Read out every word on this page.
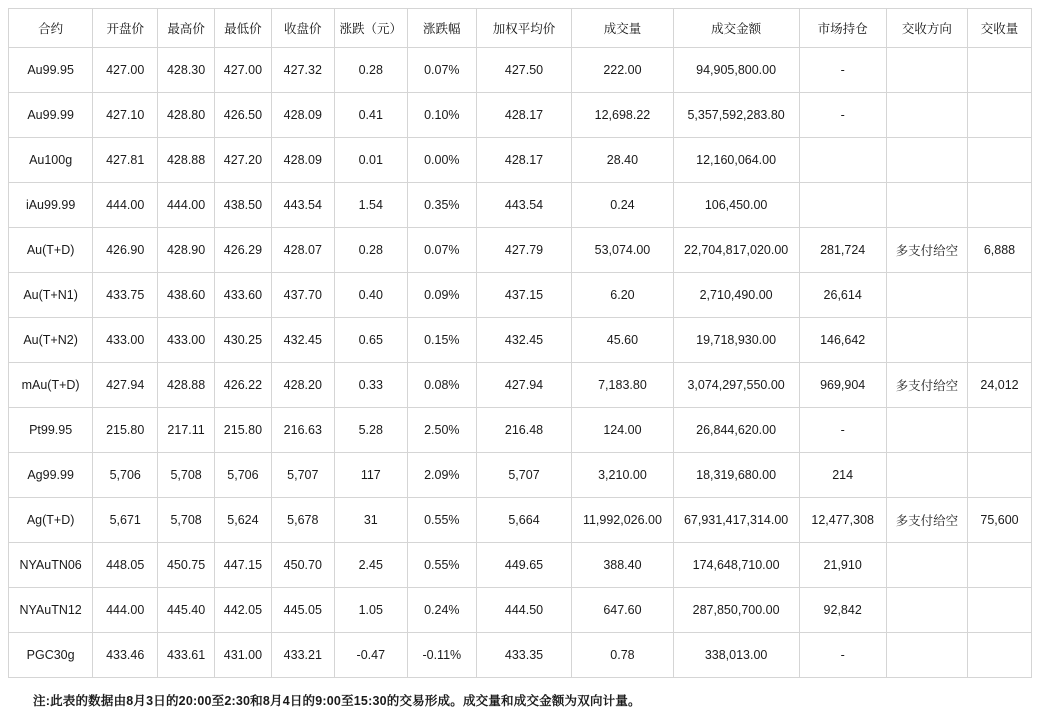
合约	开盘价	最高价	最低价	收盘价	涨跌（元）	涨跌幅	加权平均价	成交量	成交金额	市场持仓	交收方向	交收量
Au99.95	427.00	428.30	427.00	427.32	0.28	0.07%	427.50	222.00	94,905,800.00	-		
Au99.99	427.10	428.80	426.50	428.09	0.41	0.10%	428.17	12,698.22	5,357,592,283.80	-		
Au100g	427.81	428.88	427.20	428.09	0.01	0.00%	428.17	28.40	12,160,064.00			
iAu99.99	444.00	444.00	438.50	443.54	1.54	0.35%	443.54	0.24	106,450.00			
Au(T+D)	426.90	428.90	426.29	428.07	0.28	0.07%	427.79	53,074.00	22,704,817,020.00	281,724	多支付给空	6,888
Au(T+N1)	433.75	438.60	433.60	437.70	0.40	0.09%	437.15	6.20	2,710,490.00	26,614		
Au(T+N2)	433.00	433.00	430.25	432.45	0.65	0.15%	432.45	45.60	19,718,930.00	146,642		
mAu(T+D)	427.94	428.88	426.22	428.20	0.33	0.08%	427.94	7,183.80	3,074,297,550.00	969,904	多支付给空	24,012
Pt99.95	215.80	217.11	215.80	216.63	5.28	2.50%	216.48	124.00	26,844,620.00	-		
Ag99.99	5,706	5,708	5,706	5,707	117	2.09%	5,707	3,210.00	18,319,680.00	214		
Ag(T+D)	5,671	5,708	5,624	5,678	31	0.55%	5,664	11,992,026.00	67,931,417,314.00	12,477,308	多支付给空	75,600
NYAuTN06	448.05	450.75	447.15	450.70	2.45	0.55%	449.65	388.40	174,648,710.00	21,910		
NYAuTN12	444.00	445.40	442.05	445.05	1.05	0.24%	444.50	647.60	287,850,700.00	92,842		
PGC30g	433.46	433.61	431.00	433.21	-0.47	-0.11%	433.35	0.78	338,013.00	-		
注:此表的数据由8月3日的20:00至2:30和8月4日的9:00至15:30的交易形成。成交量和成交金额为双向计量。
